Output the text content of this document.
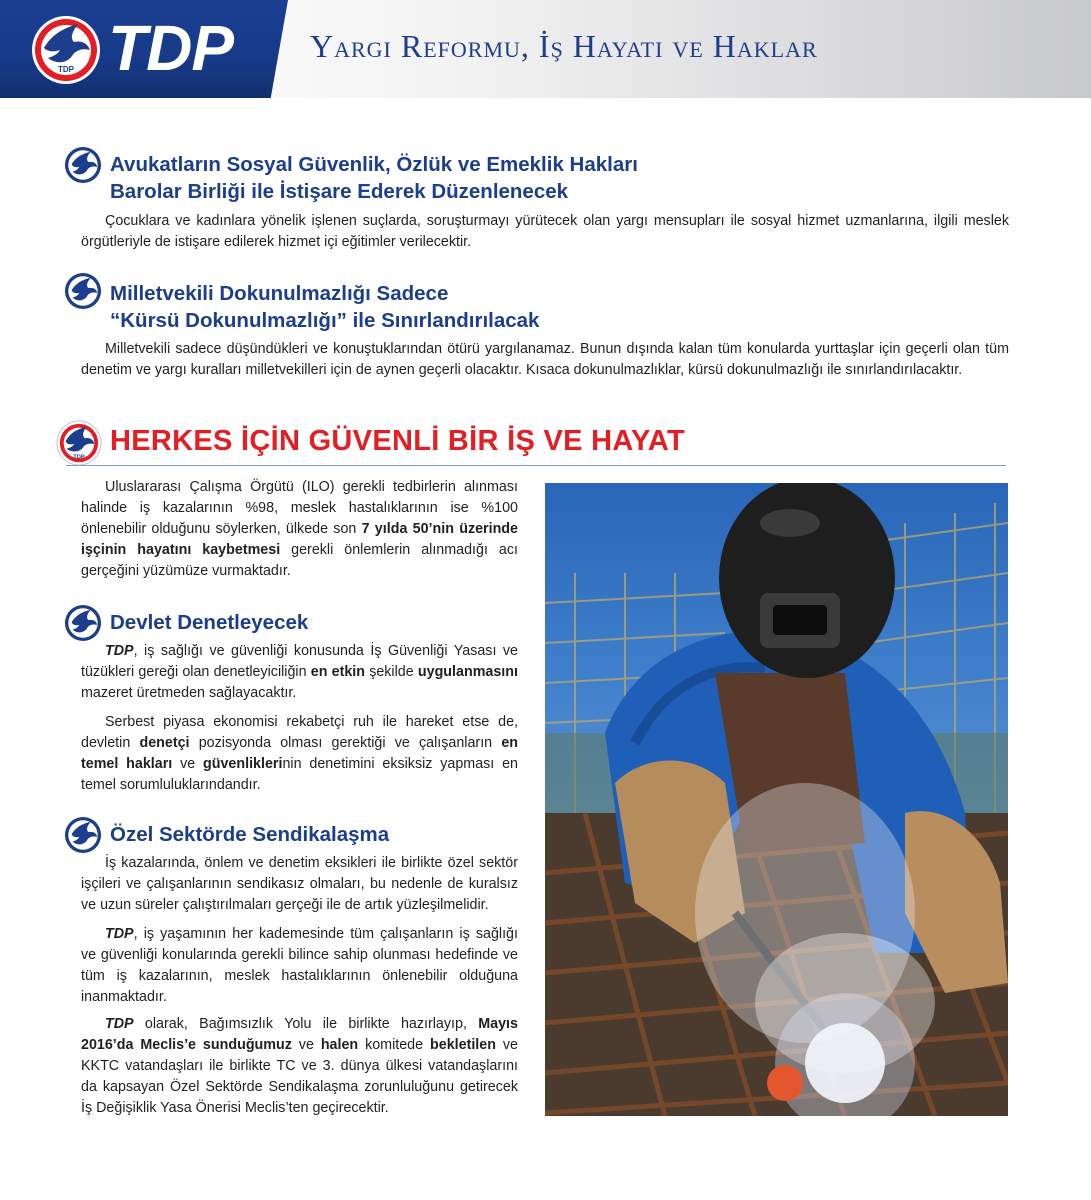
TDP TDP Yargı Reformu, İş Hayatı ve Haklar
Avukatların Sosyal Güvenlik, Özlük ve Emeklik Hakları
Barolar Birliği ile İstişare Ederek Düzenlenecek

Çocuklara ve kadınlara yönelik işlenen suçlarda, soruşturmayı yürütecek olan yargı mensupları ile sosyal hizmet uzmanlarına, ilgili meslek örgütleriyle de istişare edilerek hizmet içi eğitimler verilecektir.

Milletvekili Dokunulmazlığı Sadece
“Kürsü Dokunulmazlığı” ile Sınırlandırılacak

Milletvekili sadece düşündükleri ve konuştuklarından ötürü yargılanamaz. Bunun dışında kalan tüm konularda yurttaşlar için geçerli olan tüm denetim ve yargı kuralları milletvekilleri için de aynen geçerli olacaktır. Kısaca dokunulmazlıklar, kürsü dokunulmazlığı ile sınırlandırılacaktır.

HERKES İÇİN GÜVENLİ BİR İŞ VE HAYAT

Uluslararası Çalışma Örgütü (ILO) gerekli tedbirlerin alınması halinde iş kazalarının %98, meslek hastalıklarının ise %100 önlenebilir olduğunu söylerken, ülkede son 7 yılda 50’nin üzerinde işçinin hayatını kaybetmesi gerekli önlemlerin alınmadığı acı gerçeğini yüzümüze vurmaktadır.

Devlet Denetleyecek

TDP, iş sağlığı ve güvenliği konusunda İş Güvenliği Yasası ve tüzükleri gereği olan denetleyiciliğin en etkin şekilde uygulanmasını mazeret üretmeden sağlayacaktır.

Serbest piyasa ekonomisi rekabetçi ruh ile hareket etse de, devletin denetçi pozisyonda olması gerektiği ve çalışanların en temel hakları ve güvenliklerinin denetimini eksiksiz yapması en temel sorumluluklarındandır.

Özel Sektörde Sendikalaşma

İş kazalarında, önlem ve denetim eksikleri ile birlikte özel sektör işçileri ve çalışanlarının sendikasız olmaları, bu nedenle de kuralsız ve uzun süreler çalıştırılmaları gerçeği ile de artık yüzleşilmelidir.

TDP, iş yaşamının her kademesinde tüm çalışanların iş sağlığı ve güvenliği konularında gerekli bilince sahip olunması hedefinde ve tüm iş kazalarının, meslek hastalıklarının önlenebilir olduğuna inanmaktadır.

TDP olarak, Bağımsızlık Yolu ile birlikte hazırlayıp, Mayıs 2016’da Meclis’e sunduğumuz ve halen komitede bekletilen ve KKTC vatandaşları ile birlikte TC ve 3. dünya ülkesi vatandaşlarını da kapsayan Özel Sektörde Sendikalaşma zorunluluğunu getirecek İş Değişiklik Yasa Önerisi Meclis’ten geçirecektir.
